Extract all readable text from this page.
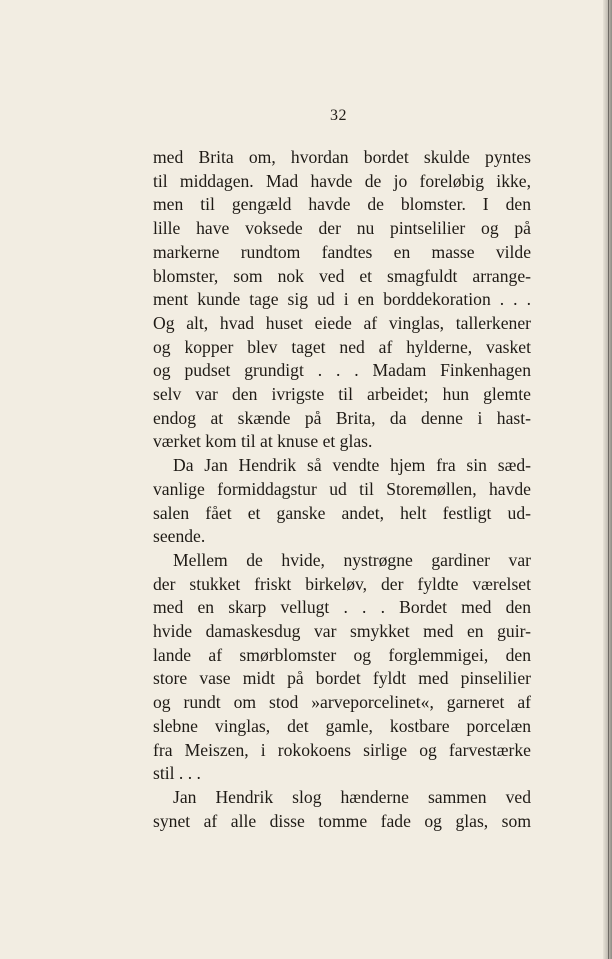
32
med Brita om, hvordan bordet skulde pyntes
til middagen. Mad havde de jo foreløbig ikke,
men til gengæld havde de blomster. I den
lille have voksede der nu pintselilier og på
markerne rundtom fandtes en masse vilde
blomster, som nok ved et smagfuldt arrange-
ment kunde tage sig ud i en borddekoration . . .
Og alt, hvad huset eiede af vinglas, tallerkener
og kopper blev taget ned af hylderne, vasket
og pudset grundigt . . . Madam Finkenhagen
selv var den ivrigste til arbeidet; hun glemte
endog at skænde på Brita, da denne i hast-
værket kom til at knuse et glas.
Da Jan Hendrik så vendte hjem fra sin sæd-
vanlige formiddagstur ud til Storemøllen, havde
salen fået et ganske andet, helt festligt ud-
seende.
Mellem de hvide, nystrøgne gardiner var
der stukket friskt birkeløv, der fyldte værelset
med en skarp vellugt . . . Bordet med den
hvide damaskesdug var smykket med en guir-
lande af smørblomster og forglemmigei, den
store vase midt på bordet fyldt med pinselilier
og rundt om stod »arveporcelinet«, garneret af
slebne vinglas, det gamle, kostbare porcelæn
fra Meiszen, i rokokoens sirlige og farvestærke
stil . . .
Jan Hendrik slog hænderne sammen ved
synet af alle disse tomme fade og glas, som
